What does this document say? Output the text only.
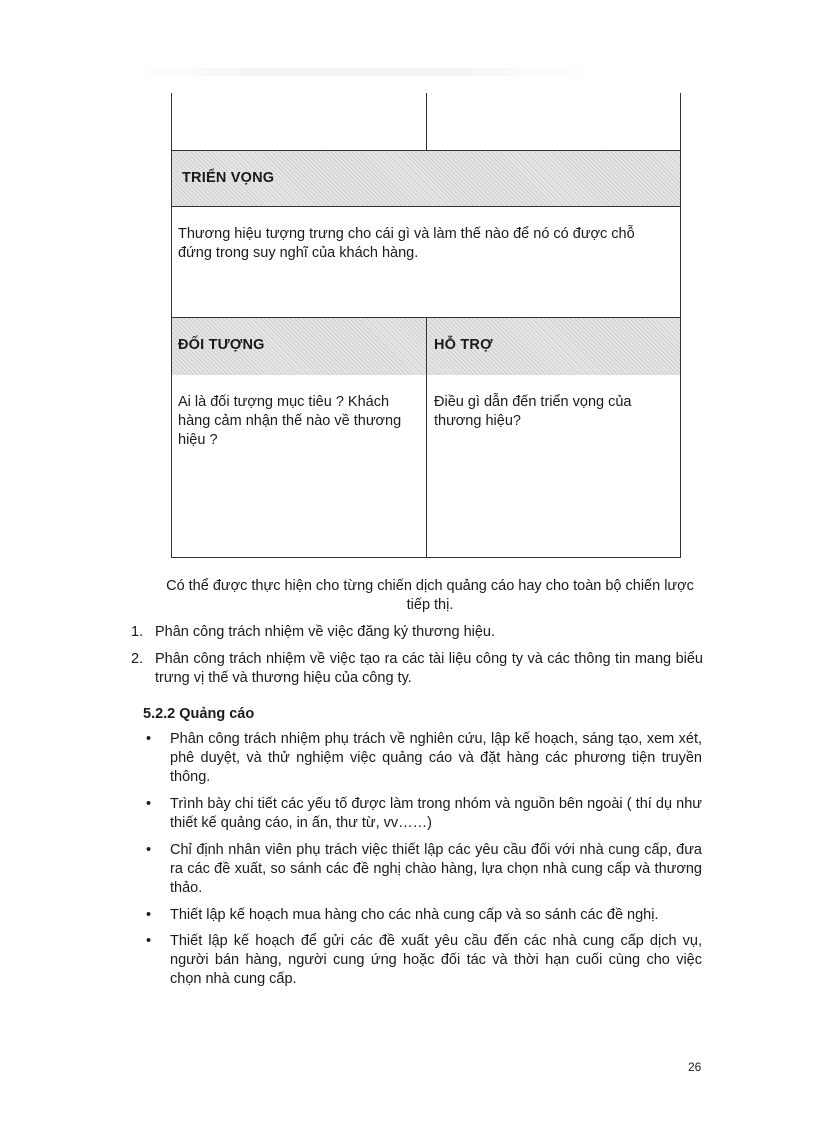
TRIỂN VỌNG
Thương hiệu tượng trưng cho cái gì và làm thế nào để nó có được chỗ đứng trong suy nghĩ của khách hàng.
ĐỐI TƯỢNG	HỖ TRỢ
Ai là đối tượng mục tiêu ? Khách hàng cảm nhận thế nào về thương hiệu ?
Điều gì dẫn đến triển vọng của thương hiệu?
Có thể được thực hiện cho từng chiến dịch quảng cáo hay cho toàn bộ chiến lược tiếp thị.
1. Phân công trách nhiệm về việc đăng ký thương hiệu.
2. Phân công trách nhiệm về việc tạo ra các tài liệu công ty và các thông tin mang biểu trưng vị thế và thương hiệu của công ty.
5.2.2 Quảng cáo
• Phân công trách nhiệm phụ trách về nghiên cứu, lập kế hoạch, sáng tạo, xem xét, phê duyệt, và thử nghiệm việc quảng cáo và đặt hàng các phương tiện truyền thông.
• Trình bày chi tiết các yếu tố được làm trong nhóm và nguồn bên ngoài ( thí dụ như thiết kế quảng cáo, in ấn, thư từ, vv……)
• Chỉ định nhân viên phụ trách việc thiết lập các yêu cầu đối với nhà cung cấp, đưa ra các đề xuất, so sánh các đề nghị chào hàng, lựa chọn nhà cung cấp và thương thảo.
• Thiết lập kế hoạch mua hàng cho các nhà cung cấp và so sánh các đề nghị.
• Thiết lập kế hoạch để gửi các đề xuất yêu cầu đến các nhà cung cấp dịch vụ, người bán hàng, người cung ứng hoặc đối tác và thời hạn cuối cùng cho việc chọn nhà cung cấp.
26
